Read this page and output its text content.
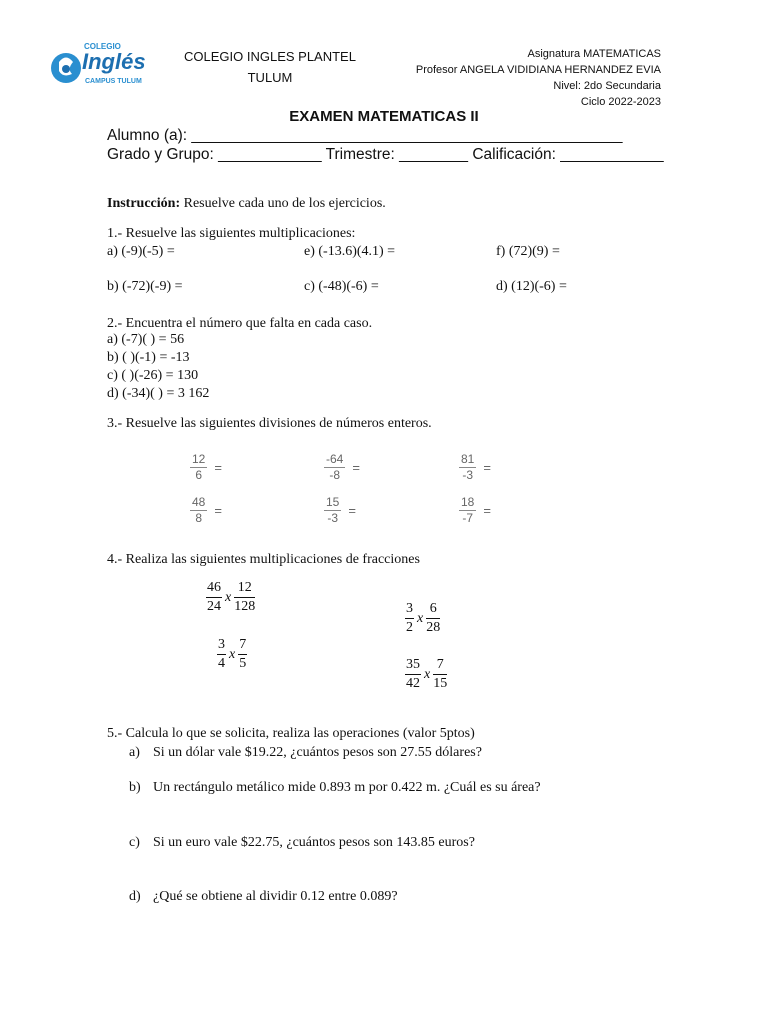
COLEGIO
Inglés
CAMPUS TULUM
COLEGIO INGLES PLANTEL
TULUM
Asignatura MATEMATICAS
Profesor ANGELA VIDIDIANA HERNANDEZ EVIA
Nivel: 2do Secundaria
Ciclo 2022-2023
EXAMEN MATEMATICAS II
Alumno (a): __________________________________________________
Grado y Grupo: ____________ Trimestre: ________ Calificación: ____________
Instrucción: Resuelve cada uno de los ejercicios.
1.- Resuelve las siguientes multiplicaciones:
a) (-9)(-5) =	e) (-13.6)(4.1) =	f) (72)(9) =
b) (-72)(-9) =	c) (-48)(-6) =	d) (12)(-6) =
2.- Encuentra el número que falta en cada caso.
a) (-7)( ) = 56
b) ( )(-1) = -13
c) ( )(-26) = 130
d) (-34)( ) = 3 162
3.- Resuelve las siguientes divisiones de números enteros.
$\frac{12}{6}$ =	$\frac{-64}{-8}$ =	$\frac{81}{-3}$ =
$\frac{48}{8}$ =	$\frac{15}{-3}$ =	$\frac{18}{-7}$ =
4.- Realiza las siguientes multiplicaciones de fracciones
$\frac{46}{24}$ x $\frac{12}{128}$
$\frac{3}{2}$ x $\frac{6}{28}$
$\frac{3}{4}$ x $\frac{7}{5}$
$\frac{35}{42}$ x $\frac{7}{15}$
5.- Calcula lo que se solicita, realiza las operaciones (valor 5ptos)
a) Si un dólar vale $19.22, ¿cuántos pesos son 27.55 dólares?
b) Un rectángulo metálico mide 0.893 m por 0.422 m. ¿Cuál es su área?
c) Si un euro vale $22.75, ¿cuántos pesos son 143.85 euros?
d) ¿Qué se obtiene al dividir 0.12 entre 0.089?
